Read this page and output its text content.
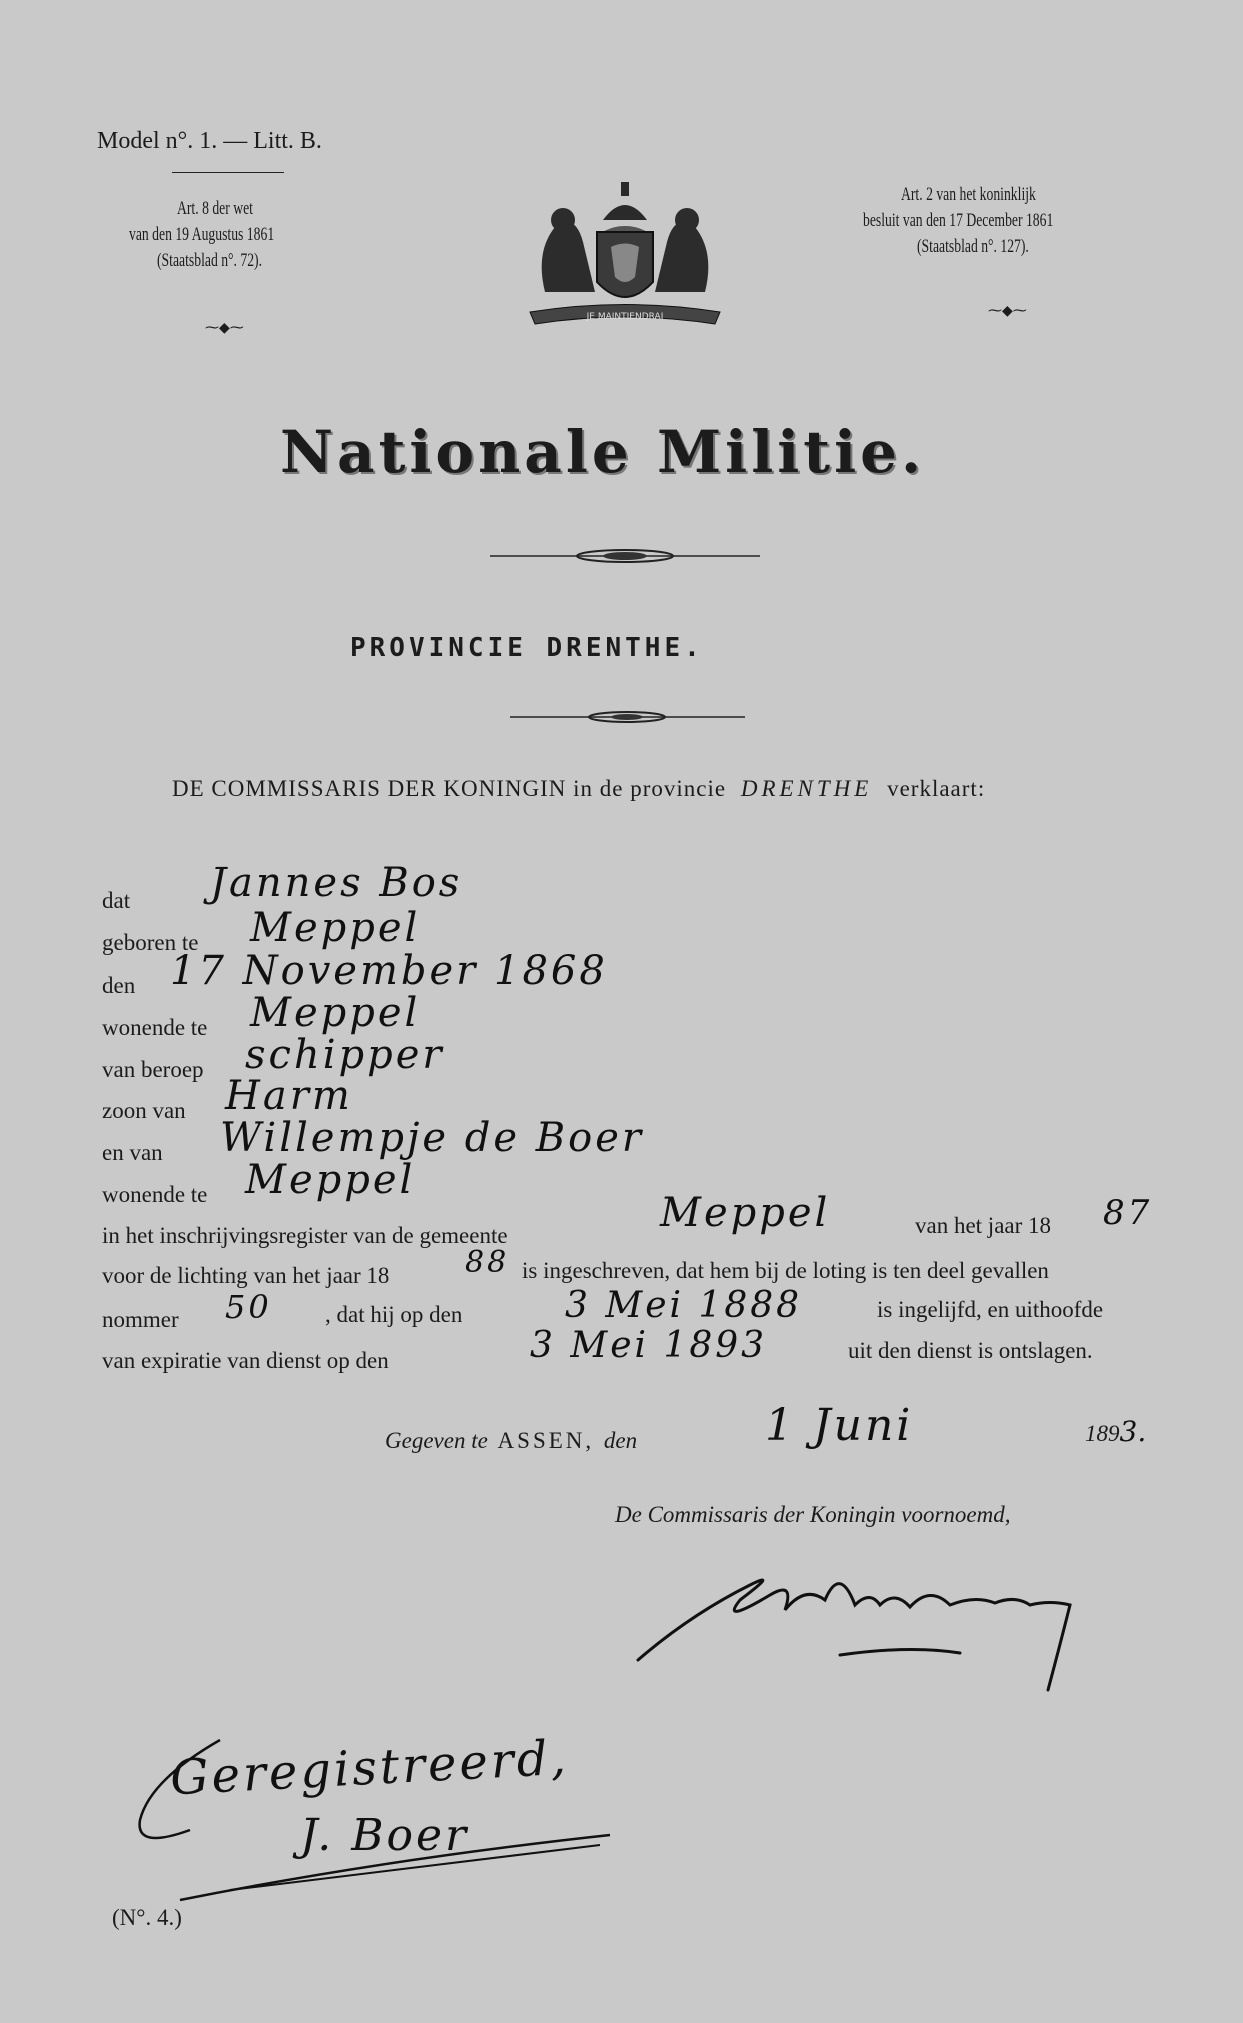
Model n°. 1. — Litt. B.
Art. 8 der wet
van den 19 Augustus 1861
(Staatsblad n°. 72).
⁓◆⁓
JE MAINTIENDRAI
Art. 2 van het koninklijk
besluit van den 17 December 1861
(Staatsblad n°. 127).
⁓◆⁓
Nationale Militie.
PROVINCIE DRENTHE.
DE COMMISSARIS DER KONINGIN in de provincie DRENTHE verklaart:
dat Jannes Bos
geboren te Meppel
den 17 November 1868
wonende te Meppel
van beroep schipper
zoon van Harm
en van Willempje de Boer
wonende te Meppel
in het inschrijvingsregister van de gemeente	Meppel	van het jaar 18 87
voor de lichting van het jaar 18	88 is ingeschreven, dat hem bij de loting is ten deel gevallen
nommer 50 , dat hij op den	3 Mei 1888	is ingelijfd, en uithoofde
van expiratie van dienst op den	3 Mei 1893	uit den dienst is ontslagen.
Gegeven te ASSEN, den	1 Juni	1893.
De Commissaris der Koningin voornoemd,
Geregistreerd,
J. Boer
(N°. 4.)
